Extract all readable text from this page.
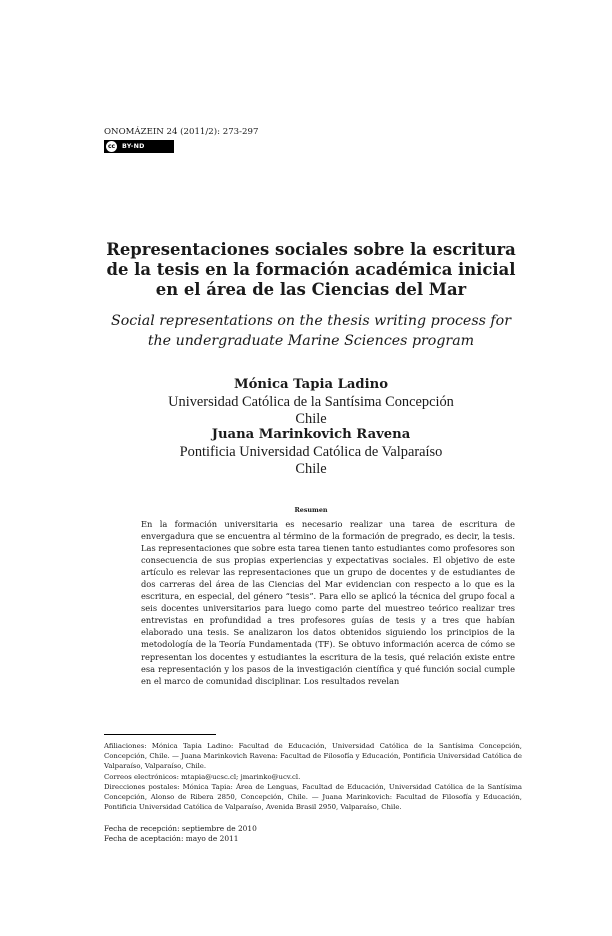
ONOMÁZEIN 24 (2011/2): 273-297
cc	BY-ND
Representaciones sociales sobre la escritura de la tesis en la formación académica inicial en el área de las Ciencias del Mar
Social representations on the thesis writing process for the undergraduate Marine Sciences program
Mónica Tapia Ladino
Universidad Católica de la Santísima Concepción
Chile
Juana Marinkovich Ravena
Pontificia Universidad Católica de Valparaíso
Chile
Resumen
En la formación universitaria es necesario realizar una tarea de escritura de envergadura que se encuentra al término de la formación de pregrado, es decir, la tesis. Las representaciones que sobre esta tarea tienen tanto estudiantes como profesores son consecuencia de sus propias experiencias y expectativas sociales. El objetivo de este artículo es relevar las representaciones que un grupo de docentes y de estudiantes de dos carreras del área de las Ciencias del Mar evidencian con respecto a lo que es la escritura, en especial, del género “tesis”. Para ello se aplicó la técnica del grupo focal a seis docentes universitarios para luego como parte del muestreo teórico realizar tres entrevistas en profundidad a tres profesores guías de tesis y a tres que habían elaborado una tesis. Se analizaron los datos obtenidos siguiendo los principios de la metodología de la Teoría Fundamentada (TF). Se obtuvo información acerca de cómo se representan los docentes y estudiantes la escritura de la tesis, qué relación existe entre esa representación y los pasos de la investigación científica y qué función social cumple en el marco de comunidad disciplinar. Los resultados revelan

Afiliaciones: Mónica Tapia Ladino: Facultad de Educación, Universidad Católica de la Santísima Concepción, Concepción, Chile. — Juana Marinkovich Ravena: Facultad de Filosofía y Educación, Pontificia Universidad Católica de Valparaíso, Valparaíso, Chile.

Correos electrónicos: mtapia@ucsc.cl; jmarinko@ucv.cl.

Direcciones postales: Mónica Tapia: Área de Lenguas, Facultad de Educación, Universidad Católica de la Santísima Concepción, Alonso de Ribera 2850, Concepción, Chile. — Juana Marinkovich: Facultad de Filosofía y Educación, Pontificia Universidad Católica de Valparaíso, Avenida Brasil 2950, Valparaíso, Chile.

Fecha de recepción: septiembre de 2010

Fecha de aceptación: mayo de 2011
